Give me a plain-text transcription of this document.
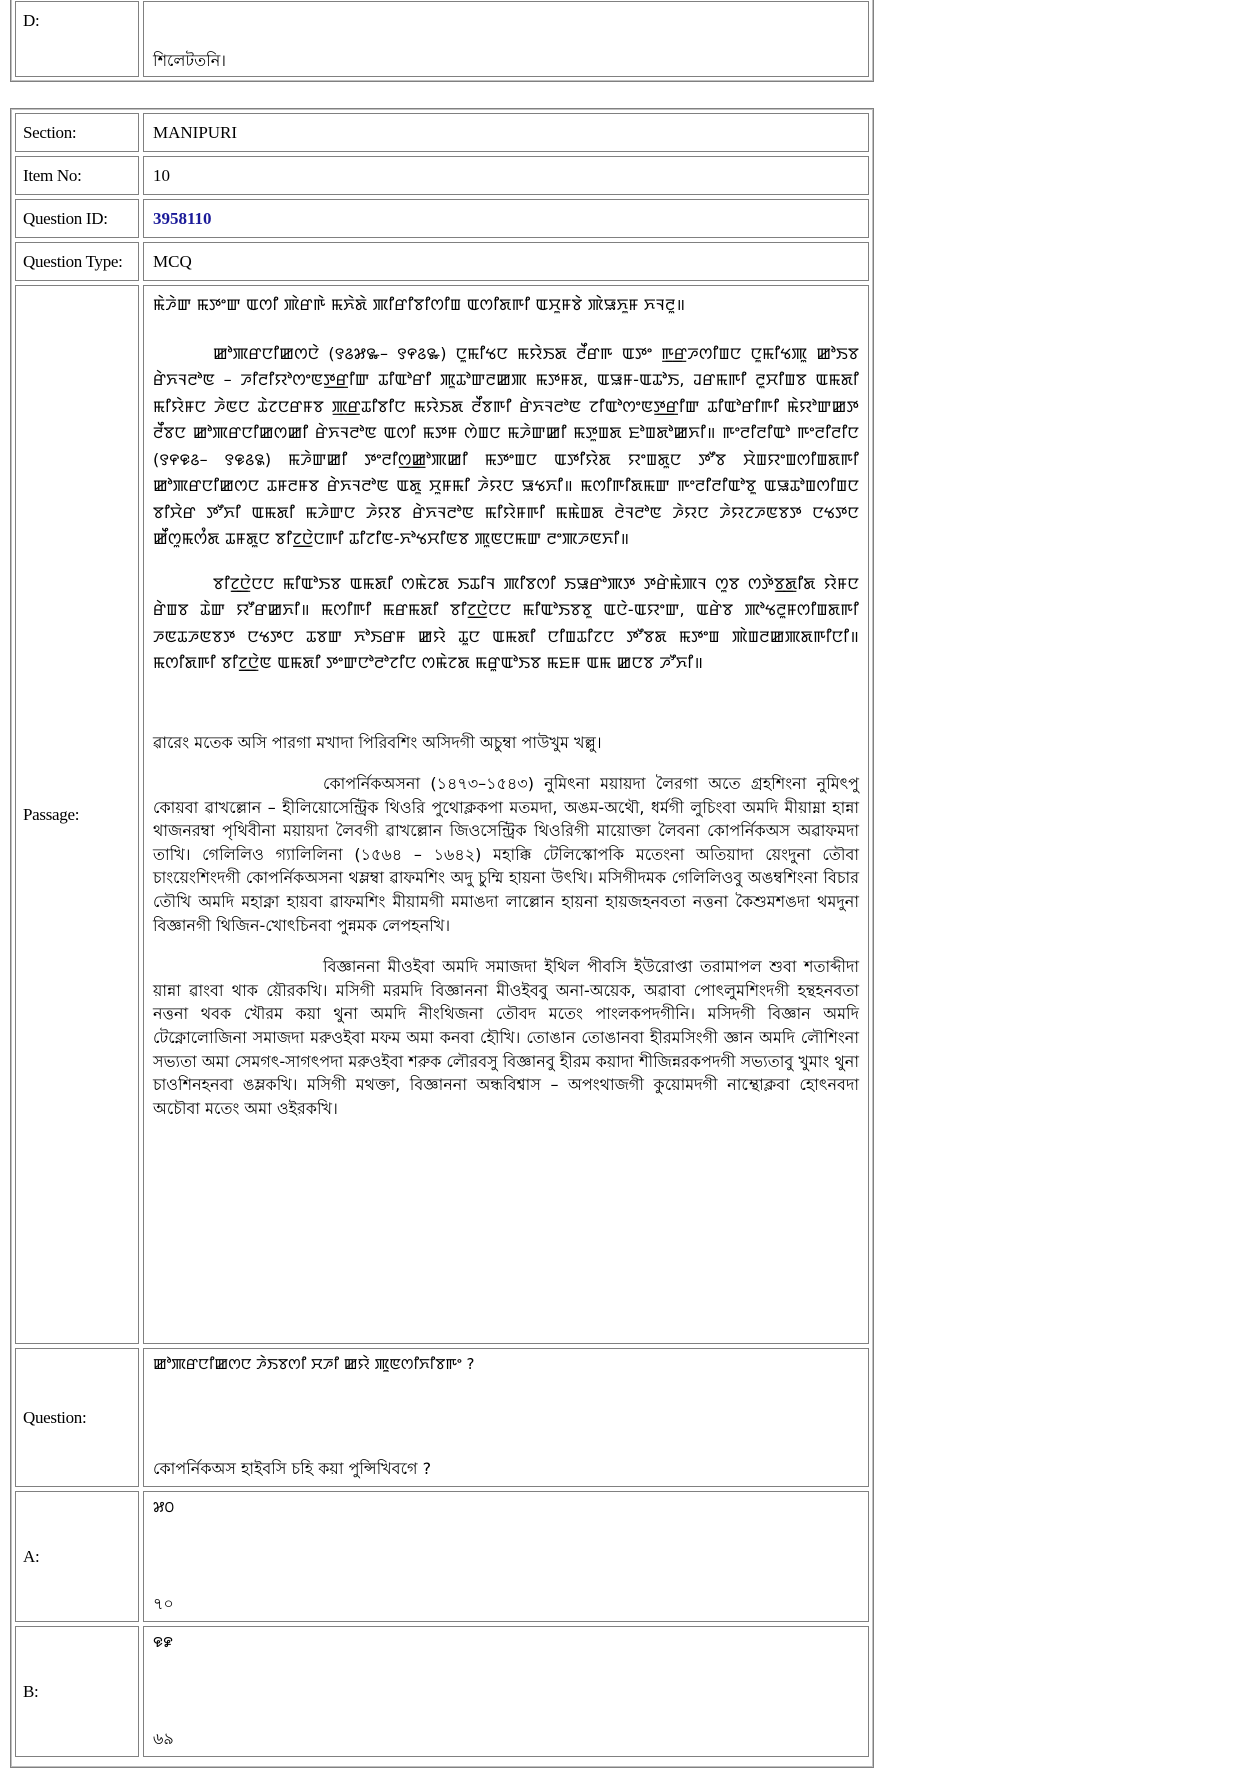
D:
শিলেটতনি।
Section:	MANIPURI
Item No:	10
Question ID:	3958110
Question Type:	MCQ
Passage:

ꯃꯥꯍꯥꯛ ꯃꯇꯦꯛ ꯑꯁꯤ ꯄꯥꯔꯒꯥ ꯃꯈꯥꯗꯥ ꯄꯤꯔꯤꯕꯤꯁꯤꯡ ꯑꯁꯤꯗꯒꯤ ꯑꯆꯨꯝꯕꯥ ꯄꯥꯎꯈꯨꯝ ꯈꯜꯂꯨ॥

ꯀꯣꯄꯔꯅꯤꯀꯁꯅꯥ (꯱꯴꯷꯳– ꯱꯵꯴꯳) ꯅꯨꯃꯤꯠꯅ ꯃꯌꯥꯏꯗ ꯂꯩꯔꯒ ꯑꯇꯦ ꯒ꯭ꯔꯍꯁꯤꯡꯅ ꯅꯨꯃꯤꯠꯄꯨ ꯀꯣꯏꯕ ꯔꯥꯈꯜꯂꯣꯟ – ꯍꯤꯂꯤꯌꯣꯁꯦꯟꯇ꯭ꯔꯤꯛ ꯊꯤꯑꯣꯔꯤ ꯄꯨꯊꯣꯛꯂꯀꯄ ꯃꯇꯝꯗ, ꯑꯎꯝ-ꯑꯊꯣꯏ, ꯙꯔꯃꯒꯤ ꯂꯨꯆꯤꯡꯕ ꯑꯃꯗꯤ ꯃꯤꯌꯥꯝꯅ ꯍꯥꯟꯅ ꯊꯥꯖꯅꯔꯝꯕ ꯄ꯭ꯔꯊꯤꯕꯤꯅ ꯃꯌꯥꯏꯗ ꯂꯩꯕꯒꯤ ꯔꯥꯈꯜꯂꯣꯟ ꯖꯤꯑꯣꯁꯦꯟꯇ꯭ꯔꯤꯛ ꯊꯤꯑꯣꯔꯤꯒꯤ ꯃꯥꯌꯣꯛꯀꯇ ꯂꯩꯕꯅ ꯀꯣꯄꯔꯅꯤꯀꯁꯀꯤ ꯔꯥꯈꯜꯂꯣꯟ ꯑꯁꯤ ꯃꯇꯝ ꯁꯥꯡꯅ ꯃꯍꯥꯛꯀꯤ ꯃꯇꯨꯡꯗ ꯐꯣꯡꯗꯣꯀꯈꯤ॥ ꯒꯦꯂꯤꯂꯤꯑꯣ ꯒꯦꯂꯤꯂꯤꯅ (꯱꯵꯶꯴– ꯱꯶꯴꯲) ꯃꯍꯥꯛꯀꯤ ꯇꯦꯂꯤꯁ꯭ꯀꯣꯄꯀꯤ ꯃꯇꯦꯡꯅ ꯑꯇꯤꯌꯥꯗ ꯌꯦꯡꯗꯨꯅ ꯇꯧꯕ ꯆꯥꯡꯌꯦꯡꯁꯤꯡꯗꯒꯤ ꯀꯣꯄꯔꯅꯤꯀꯁꯅ ꯊꯝꯂꯝꯕ ꯔꯥꯈꯜꯂꯣꯟ ꯑꯗꯨ ꯆꯨꯝꯃꯤ ꯍꯥꯌꯅ ꯎꯠꯈꯤ॥ ꯃꯁꯤꯒꯤꯗꯃꯛ ꯒꯦꯂꯤꯂꯤꯑꯣꯕꯨ ꯑꯎꯊꯣꯡꯁꯤꯡꯅ ꯕꯤꯆꯥꯔ ꯇꯧꯈꯤ ꯑꯃꯗꯤ ꯃꯍꯥꯛꯅ ꯍꯥꯌꯕ ꯔꯥꯈꯜꯂꯣꯟ ꯃꯤꯌꯥꯝꯒꯤ ꯃꯃꯥꯡꯗ ꯂꯥꯜꯂꯣꯟ ꯍꯥꯌꯅ ꯍꯥꯌꯖꯍꯟꯕꯇ ꯅꯠꯇꯅ ꯀꯩꯁꯨꯃꯁꯪꯗ ꯊꯝꯗꯨꯅ ꯕꯤꯖ꯭ꯅꯥꯅꯒꯤ ꯊꯤꯖꯤꯟ-ꯈꯣꯠꯆꯤꯟꯕ ꯄꯨꯟꯅꯃꯛ ꯂꯦꯄꯍꯟꯈꯤ॥

ꯕꯤꯖ꯭ꯅꯥꯅꯅ ꯃꯤꯑꯣꯏꯕ ꯑꯃꯗꯤ ꯁꯃꯥꯖꯗ ꯏꯊꯤꯜ ꯄꯤꯕꯁꯤ ꯏꯎꯔꯣꯄꯇ ꯇꯔꯥꯃꯥꯄꯜ ꯁꯨꯕ ꯁꯇꯥꯕ꯭ꯗꯤꯗ ꯌꯥꯝꯅ ꯔꯥꯡꯕ ꯊꯥꯛ ꯌꯧꯔꯀꯈꯤ॥ ꯃꯁꯤꯒꯤ ꯃꯔꯃꯗꯤ ꯕꯤꯖ꯭ꯅꯥꯅꯅ ꯃꯤꯑꯣꯏꯕꯕꯨ ꯑꯅꯥ-ꯑꯌꯦꯛ, ꯑꯔꯥꯕ ꯄꯣꯠꯂꯨꯝꯁꯤꯡꯗꯒꯤ ꯍꯟꯊꯍꯟꯕꯇ ꯅꯠꯇꯅ ꯊꯕꯛ ꯈꯣꯏꯔꯝ ꯀꯌꯥ ꯊꯨꯅ ꯑꯃꯗꯤ ꯅꯤꯡꯊꯤꯖꯅ ꯇꯧꯕꯗ ꯃꯇꯦꯡ ꯄꯥꯡꯂꯀꯄꯗꯒꯤꯅꯤ॥ ꯃꯁꯤꯗꯒꯤ ꯕꯤꯖ꯭ꯅꯥꯟ ꯑꯃꯗꯤ ꯇꯦꯛꯅꯣꯂꯣꯖꯤꯅ ꯁꯃꯥꯖꯗ ꯃꯔꯨꯑꯣꯏꯕ ꯃꯐꯝ ꯑꯃ ꯀꯅꯕ ꯍꯧꯈꯤ॥

ৱারেং মতেক অসি পারগা মখাদা পিরিবশিং অসিদগী অচুম্বা পাউখুম খল্লু।

কোপর্নিকঅসনা (১৪৭৩–১৫৪৩) নুমিৎনা ময়ায়দা লৈরগা অতে গ্রহশিংনা নুমিৎপু কোয়বা ৱাখল্লোন – হীলিয়োসেন্ট্রিক থিওরি পুথোক্লকপা মতমদা, অঙম-অথৌ, ধর্মগী লুচিংবা অমদি মীয়াম্না হান্না থাজনরম্বা পৃথিবীনা ময়ায়দা লৈবগী ৱাখল্লোন জিওসেন্ট্রিক থিওরিগী মায়োক্তা লৈবনা কোপর্নিকঅস অৱাফমদা তাখি। গেলিলিও গ্যালিলিনা (১৫৬৪ – ১৬৪২) মহাক্কি টেলিস্কোপকি মতেংনা অতিয়াদা য়েংদুনা তৌবা চাংয়েংশিংদগী কোপর্নিকঅসনা থম্লম্বা ৱাফমশিং অদু চুম্মি হায়না উৎখি। মসিগীদমক গেলিলিওবু অঙম্বশিংনা বিচার তৌখি অমদি মহাক্না হায়বা ৱাফমশিং মীয়ামগী মমাঙদা লাল্লোন হায়না হায়জহনবতা নত্তনা কৈশুমশঙদা থমদুনা বিজ্ঞানগী থিজিন-খোৎচিনবা পুন্নমক লেপহনখি।

বিজ্ঞাননা মীওইবা অমদি সমাজদা ইথিল পীবসি ইউরোপ্তা তরামাপল শুবা শতাব্দীদা য়ান্না ৱাংবা থাক য়ৌরকখি। মসিগী মরমদি বিজ্ঞাননা মীওইববু অনা-অয়েক, অৱাবা পোৎলুমশিংদগী হন্থহনবতা নত্তনা থবক খৌরম কয়া থুনা অমদি নীংথিজনা তৌবদ মতেং পাংলকপদগীনি। মসিদগী বিজ্ঞান অমদি টেক্নোলোজিনা সমাজদা মরুওইবা মফম অমা কনবা হৌখি। তোঙান তোঙানবা হীরমসিংগী জ্ঞান অমদি লৌশিংনা সভ্যতা অমা সেমগৎ-সাগৎপদা মরুওইবা শরুক লৌরবসু বিজ্ঞানবু হীরম কয়াদা শীজিন্নরকপদগী সভ্যতাবু খুমাং থুনা চাওশিনহনবা ঙম্লকখি। মসিগী মথক্তা, বিজ্ঞাননা অন্ধবিশ্বাস – অপংথাজগী কুয়োমদগী নাম্থোক্লবা হোৎনবদা অচৌবা মতেং অমা ওইরকখি।

Question:
ꯀꯣꯄꯔꯅꯤꯀꯁꯅ ꯍꯥꯏꯕꯁꯤ ꯆꯍꯤ ꯀꯌꯥ ꯄꯨꯟꯁꯤꯈꯤꯕꯒꯦ ?
কোপর্নিকঅস হাইবসি চহি কয়া পুন্সিখিবগে ?
A:
꯷꯰
৭০
B:
꯶꯹
৬৯
